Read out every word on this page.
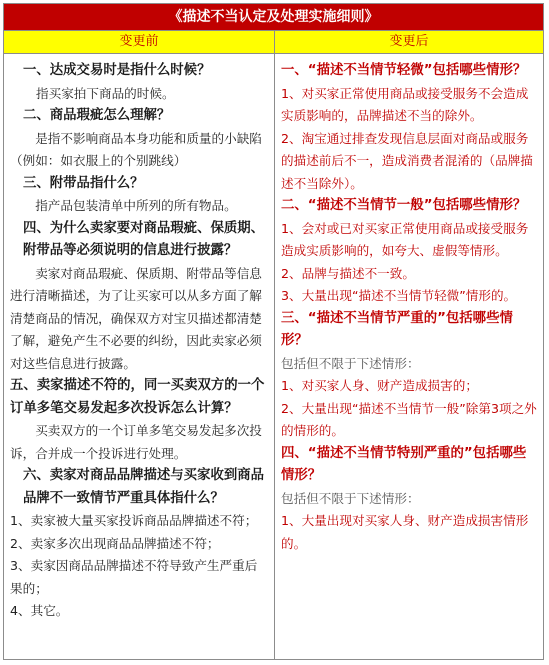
《描述不当认定及处理实施细则》
变更前	变更后
一、达成交易时是指什么时候？
指买家拍下商品的时候。
二、商品瑕疵怎么理解？
是指不影响商品本身功能和质量的小缺陷（例如：如衣服上的个别跳线）
三、附带品指什么？
指产品包装清单中所列的所有物品。
四、为什么卖家要对商品瑕疵、保质期、附带品等必须说明的信息进行披露？
卖家对商品瑕疵、保质期、附带品等信息进行清晰描述，为了让买家可以从多方面了解清楚商品的情况，确保双方对宝贝描述都清楚了解，避免产生不必要的纠纷，因此卖家必须对这些信息进行披露。
五、卖家描述不符的，同一买卖双方的一个订单多笔交易发起多次投诉怎么计算？
买卖双方的一个订单多笔交易发起多次投诉，合并成一个投诉进行处理。
六、卖家对商品品牌描述与买家收到商品品牌不一致情节严重具体指什么？
1、卖家被大量买家投诉商品品牌描述不符；
2、卖家多次出现商品品牌描述不符；
3、卖家因商品品牌描述不符导致产生严重后果的；
4、其它。
一、“描述不当情节轻微”包括哪些情形？
1、对买家正常使用商品或接受服务不会造成实质影响的，品牌描述不当的除外。
2、淘宝通过排查发现信息层面对商品或服务的描述前后不一，造成消费者混淆的（品牌描述不当除外）。
二、“描述不当情节一般”包括哪些情形？
1、会对或已对买家正常使用商品或接受服务造成实质影响的，如夸大、虚假等情形。
2、品牌与描述不一致。
3、大量出现“描述不当情节轻微”情形的。
三、“描述不当情节严重的”包括哪些情形？
包括但不限于下述情形：
1、对买家人身、财产造成损害的；
2、大量出现“描述不当情节一般”除第3项之外的情形的。
四、“描述不当情节特别严重的”包括哪些情形？
包括但不限于下述情形：
1、大量出现对买家人身、财产造成损害情形的。
